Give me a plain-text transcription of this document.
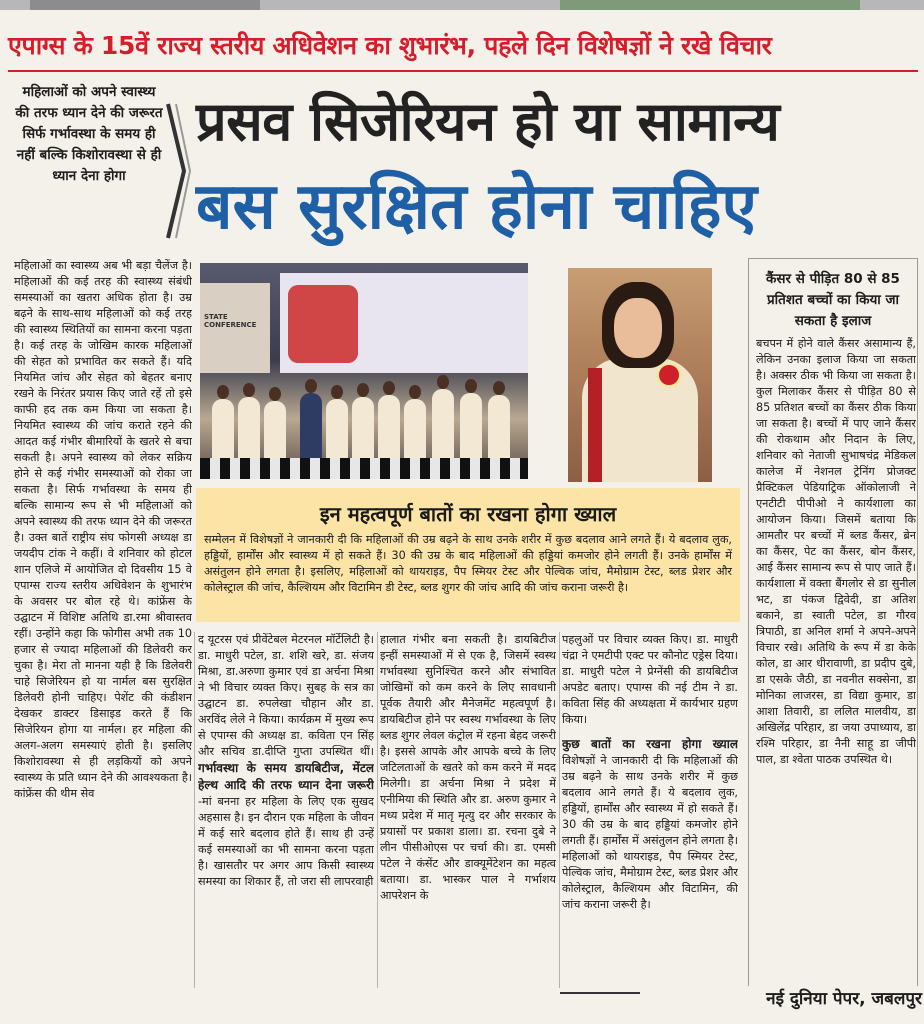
एपाग्स के 15वें राज्य स्तरीय अधिवेशन का शुभारंभ, पहले दिन विशेषज्ञों ने रखे विचार
महिलाओं को अपने स्वास्थ्य की तरफ ध्यान देने की जरूरत सिर्फ गर्भावस्था के समय ही नहीं बल्कि किशोरावस्था से ही ध्यान देना होगा
प्रसव सिजेरियन हो या सामान्य
बस सुरक्षित होना चाहिए
महिलाओं का स्वास्थ्य अब भी बड़ा चैलेंज है। महिलाओं की कई तरह की स्वास्थ्य संबंधी समस्याओं का खतरा अधिक होता है। उम्र बढ़ने के साथ-साथ महिलाओं को कई तरह की स्वास्थ्य स्थितियों का सामना करना पड़ता है। कई तरह के जोखिम कारक महिलाओं की सेहत को प्रभावित कर सकते हैं। यदि नियमित जांच और सेहत को बेहतर बनाए रखने के निरंतर प्रयास किए जाते रहें तो इसे काफी हद तक कम किया जा सकता है। नियमित स्वास्थ्य की जांच कराते रहने की आदत कई गंभीर बीमारियों के खतरे से बचा सकती है। अपने स्वास्थ्य को लेकर सक्रिय होने से कई गंभीर समस्याओं को रोका जा सकता है। सिर्फ गर्भावस्था के समय ही बल्कि सामान्य रूप से भी महिलाओं को अपने स्वास्थ्य की तरफ ध्यान देने की जरूरत है। उक्त बातें राष्ट्रीय संघ फोगसी अध्यक्ष डा जयदीप टांक ने कहीं। वे शनिवार को होटल शान एलिजे में आयोजित दो दिवसीय 15 वे एपाग्स राज्य स्तरीय अधिवेशन के शुभारंभ के अवसर पर बोल रहे थे। कांफ्रेंस के उद्घाटन में विशिष्ट अतिथि डा.रमा श्रीवास्तव रहीं। उन्होंने कहा कि फोगीस अभी तक 10 हजार से ज्यादा महिलाओं की डिलेवरी कर चुका है। मेरा तो मानना यही है कि डिलेवरी चाहे सिजेरियन हो या नार्मल बस सुरक्षित डिलेवरी होनी चाहिए। पेशेंट की कंडीशन देखकर डाक्टर डिसाइड करते हैं कि सिजेरियन होगा या नार्मल। हर महिला की अलग-अलग समस्याएं होती है। इसलिए किशोरावस्था से ही लड़कियों को अपने स्वास्थ्य के प्रति ध्यान देने की आवश्यकता है। कांफ्रेंस की थीम सेव
STATE CONFERENCE
इन महत्वपूर्ण बातों का रखना होगा ख्याल
सम्मेलन में विशेषज्ञों ने जानकारी दी कि महिलाओं की उम्र बढ़ने के साथ उनके शरीर में कुछ बदलाव आने लगते हैं। ये बदलाव लुक, हड्डियों, हार्मोंस और स्वास्थ्य में हो सकते हैं। 30 की उम्र के बाद महिलाओं की हड्डियां कमजोर होने लगती हैं। उनके हार्मोंस में असंतुलन होने लगता है। इसलिए, महिलाओं को थायराइड, पैप स्मियर टेस्ट और पेल्विक जांच, मैमोग्राम टेस्ट, ब्लड प्रेशर और कोलेस्ट्राल की जांच, कैल्शियम और विटामिन डी टेस्ट, ब्लड शुगर की जांच आदि की जांच कराना जरूरी है।
द यूटरस एवं प्रीवेंटेबल मेटरनल मॉर्टेलिटी है। डा. माधुरी पटेल, डा. शशि खरे, डा. संजय मिश्रा, डा.अरुणा कुमार एवं डा अर्चना मिश्रा ने भी विचार व्यक्त किए। सुबह के सत्र का उद्घाटन डा. रुपलेखा चौहान और डा. अरविंद लेले ने किया। कार्यक्रम में मुख्य रूप से एपाग्स की अध्यक्ष डा. कविता एन सिंह और सचिव डा.दीप्ति गुप्ता उपस्थित थीं। गर्भावस्था के समय डायबिटीज, मेंटल हेल्थ आदि की तरफ ध्यान देना जरूरी -मां बनना हर महिला के लिए एक सुखद अहसास है। इन दौरान एक महिला के जीवन में कई सारे बदलाव होते हैं। साथ ही उन्हें कई समस्याओं का भी सामना करना पड़ता है। खासतौर पर अगर आप किसी स्वास्थ्य समस्या का शिकार हैं, तो जरा सी लापरवाही
हालात गंभीर बना सकती है। डायबिटीज इन्हीं समस्याओं में से एक है, जिसमें स्वस्थ गर्भावस्था सुनिश्चित करने और संभावित जोखिमों को कम करने के लिए सावधानी पूर्वक तैयारी और मैनेजमेंट महत्वपूर्ण है। डायबिटीज होने पर स्वस्थ गर्भावस्था के लिए ब्लड शुगर लेवल कंट्रोल में रहना बेहद जरूरी है। इससे आपके और आपके बच्चे के लिए जटिलताओं के खतरे को कम करने में मदद मिलेगी। डा अर्चना मिश्रा ने प्रदेश में एनीमिया की स्थिति और डा. अरुण कुमार ने मध्य प्रदेश में मातृ मृत्यु दर और सरकार के प्रयासों पर प्रकाश डाला। डा. रचना दुबे ने लीन पीसीओएस पर चर्चा की। डा. एमसी पटेल ने कंसेंट और डाक्यूमेंटेशन का महत्व बताया। डा. भास्कर पाल ने गर्भाशय आपरेशन के
पहलुओं पर विचार व्यक्त किए। डा. माधुरी चंद्रा ने एमटीपी एक्ट पर कौनोट एड्रेस दिया। डा. माधुरी पटेल ने प्रेग्नेंसी की डायबिटीज अपडेट बताए। एपाग्स की नई टीम ने डा. कविता सिंह की अध्यक्षता में कार्यभार ग्रहण किया।
कुछ बातों का रखना होगा ख्याल विशेषज्ञों ने जानकारी दी कि महिलाओं की उम्र बढ़ने के साथ उनके शरीर में कुछ बदलाव आने लगते हैं। ये बदलाव लुक, हड्डियों, हार्मोंस और स्वास्थ्य में हो सकते हैं। 30 की उम्र के बाद हड्डियां कमजोर होने लगती हैं। हार्मोंस में असंतुलन होने लगता है। महिलाओं को थायराइड, पैप स्मियर टेस्ट, पेल्विक जांच, मैमोग्राम टेस्ट, ब्लड प्रेशर और कोलेस्ट्राल, कैल्शियम और विटामिन, की जांच कराना जरूरी है।
कैंसर से पीड़ित 80 से 85 प्रतिशत बच्चों का किया जा सकता है इलाज
बचपन में होने वाले कैंसर असामान्य हैं, लेकिन उनका इलाज किया जा सकता है। अक्सर ठीक भी किया जा सकता है। कुल मिलाकर कैंसर से पीड़ित 80 से 85 प्रतिशत बच्चों का कैंसर ठीक किया जा सकता है। बच्चों में पाए जाने कैंसर की रोकथाम और निदान के लिए, शनिवार को नेताजी सुभाषचंद्र मेडिकल कालेज में नेशनल ट्रेनिंग प्रोजक्ट प्रैक्टिकल पेडियाट्रिक ऑकोलाजी ने एनटीटी पीपीओ ने कार्यशाला का आयोजन किया। जिसमें बताया कि आमतौर पर बच्चों में ब्लड कैंसर, ब्रेन का कैंसर, पेट का कैंसर, बोन कैंसर, आई कैंसर सामान्य रूप से पाए जाते हैं। कार्यशाला में वक्ता बैंगलोर से डा सुनील भट, डा पंकज द्विवेदी, डा अतिश बकाने, डा स्वाती पटेल, डा गौरव त्रिपाठी, डा अनिल शर्मा ने अपने-अपने विचार रखे। अतिथि के रूप में डा केके कोल, डा आर धीरावाणी, डा प्रदीप दुबे, डा एसके जैठी, डा नवनीत सक्सेना, डा मोनिका लाजरस, डा विद्या कुमार, डा आशा तिवारी, डा ललित मालवीय, डा अखिलेंद्र परिहार, डा जया उपाध्याय, डा रश्मि परिहार, डा नैनी साहू डा जीपी पाल, डा श्वेता पाठक उपस्थित थे।
नई दुनिया पेपर, जबलपुर
